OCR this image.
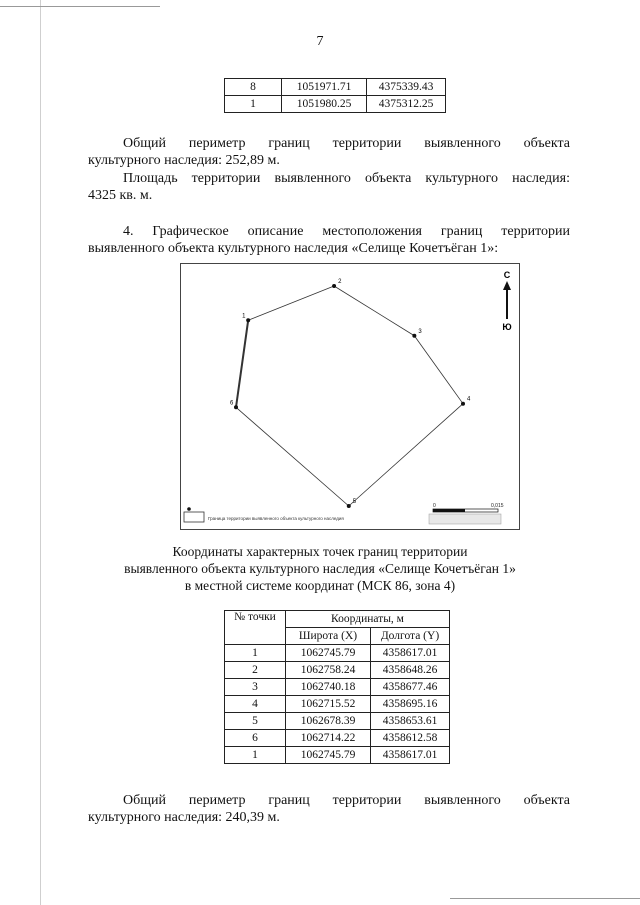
7
8	1051971.71	4375339.43
1	1051980.25	4375312.25

Общий периметр границ территории выявленного объекта

культурного наследия: 252,89 м.

Площадь территории выявленного объекта культурного наследия:

4325 кв. м.

4. Графическое описание местоположения границ территории

выявленного объекта культурного наследия «Селище Кочетъёган 1»:

1
2
3
4
5
6
С
Ю
Граница территории выявленного объекта культурного наследия
0	0,015
Координаты характерных точек границ территории
выявленного объекта культурного наследия «Селище Кочетъёган 1»
в местной системе координат (МСК 86, зона 4)
№ точки	Координаты, м	
	Широта (X)	Долгота (Y)
1	1062745.79	4358617.01
2	1062758.24	4358648.26
3	1062740.18	4358677.46
4	1062715.52	4358695.16
5	1062678.39	4358653.61
6	1062714.22	4358612.58
1	1062745.79	4358617.01

Общий периметр границ территории выявленного объекта

культурного наследия: 240,39 м.
